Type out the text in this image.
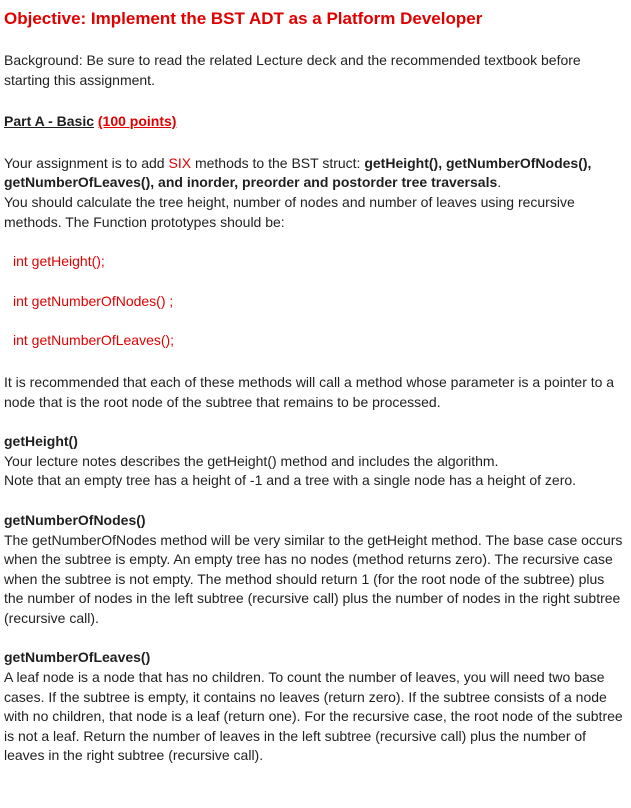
Objective: Implement the BST ADT as a Platform Developer

Background: Be sure to read the related Lecture deck and the recommended textbook before starting this assignment.

Part A - Basic (100 points)

Your assignment is to add SIX methods to the BST struct: getHeight(), getNumberOfNodes(), getNumberOfLeaves(), and inorder, preorder and postorder tree traversals.

You should calculate the tree height, number of nodes and number of leaves using recursive methods. The Function prototypes should be:

int getHeight();

int getNumberOfNodes() ;

int getNumberOfLeaves();

It is recommended that each of these methods will call a method whose parameter is a pointer to a node that is the root node of the subtree that remains to be processed.

getHeight()

Your lecture notes describes the getHeight() method and includes the algorithm.

Note that an empty tree has a height of -1 and a tree with a single node has a height of zero.

getNumberOfNodes()

The getNumberOfNodes method will be very similar to the getHeight method. The base case occurs when the subtree is empty. An empty tree has no nodes (method returns zero). The recursive case when the subtree is not empty. The method should return 1 (for the root node of the subtree) plus the number of nodes in the left subtree (recursive call) plus the number of nodes in the right subtree (recursive call).

getNumberOfLeaves()

A leaf node is a node that has no children. To count the number of leaves, you will need two base cases. If the subtree is empty, it contains no leaves (return zero). If the subtree consists of a node with no children, that node is a leaf (return one). For the recursive case, the root node of the subtree is not a leaf. Return the number of leaves in the left subtree (recursive call) plus the number of leaves in the right subtree (recursive call).
